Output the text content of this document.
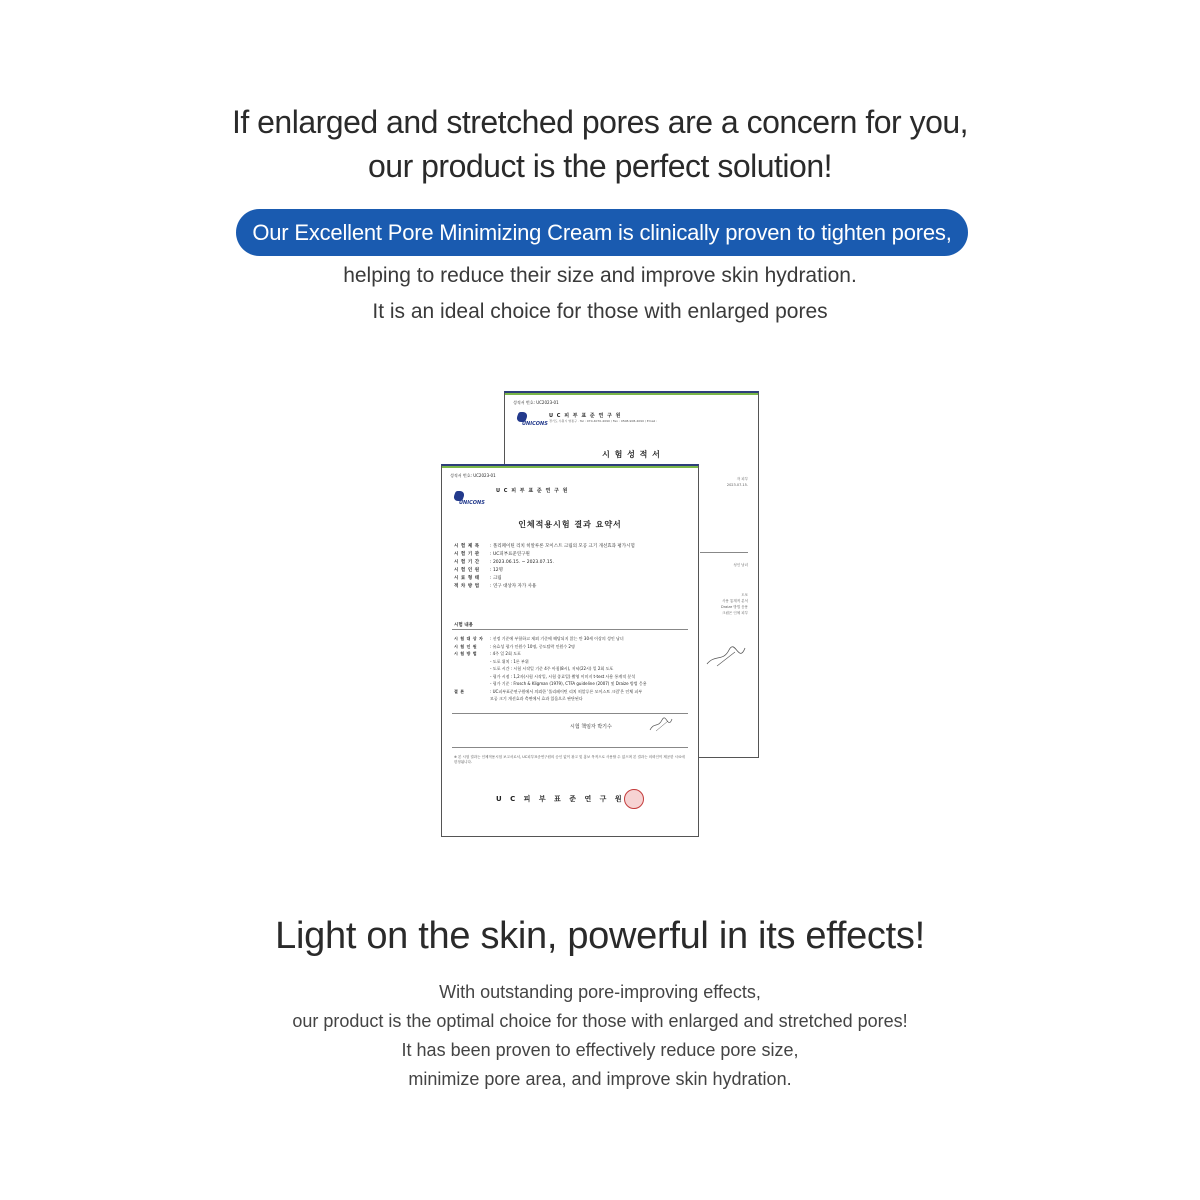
If enlarged and stretched pores are a concern for you,
our product is the perfect solution!
Our Excellent Pore Minimizing Cream is clinically proven to tighten pores,
helping to reduce their size and improve skin hydration.
It is an ideal choice for those with enlarged pores
성적서 번호: UC2023-01
UNICONS
U C 피 부 표 준 연 구 원
경기도 수원시 영통구 · Tel : 070-4070-4090 / Fax : 0508-908-4090 / Email :
시 험 성 적 서
자 피부
2023.07.15.
성인 남녀
도포
사용 통계적 분석
Draize 방법 응용
크림은 인체 피부
성적서 번호: UC2023-01
UNICONS
U C 피 부 표 준 연 구 원
인체적용시험 결과 요약서
시 험 제 목 : 폴리페이틴 리치 히알루론 모이스트 크림의 모공 크기 개선효과 평가시험
시 험 기 관 : UC피부표준연구원
시 험 기 간 : 2023.06.15. ~ 2023.07.15.
시 험 인 원 : 12명
시 료 형 태 : 크림
적 차 방 법 : 연구 대상자 자가 사용
시험 내용
시 험 대 상 자 : 선정 기준에 부합하고 제외 기준에 해당되지 않는 만 30세 이상의 성인 남녀
시 험 인 원	: 유효성 평가 인원수 10명, 중도탈락 인원수 2명
시 험 방 법	: 4주 일 2회 도포
- 도포 위치 : 1론 부위
- 도포 시간 : 시험 시작일 기준 4주 아침(8시), 저녁(22시) 일 2회 도포
- 평가 시점 : 1,2자(시험 시작일, 시험 종료일) 촬영 이미지 t-test 사용 통계적 분석
- 평가 기준 : Frosch & Kligman (1979), CTFA guideline (2007) 및 Draize 방법 응용
결 론	: UC피부표준연구원에서 의뢰한 '폴리페이틴 리치 히알루론 모이스트 크림'은 인체 피부
모공 크기 개선효과 측면에서 효과 있음으로 판단된다
시험 책임자 박기수
※ 본 시험 결과는 인체적용시험 보고서로서, UC피부표준연구원의 승인 없이 광고 및 홍보 목적으로 사용할 수 없으며 본 결과는 의뢰인이 제공한 시료에 한정됩니다.
U C 피 부 표 준 연 구 원
Light on the skin, powerful in its effects!
With outstanding pore-improving effects,
our product is the optimal choice for those with enlarged and stretched pores!
It has been proven to effectively reduce pore size,
minimize pore area, and improve skin hydration.
